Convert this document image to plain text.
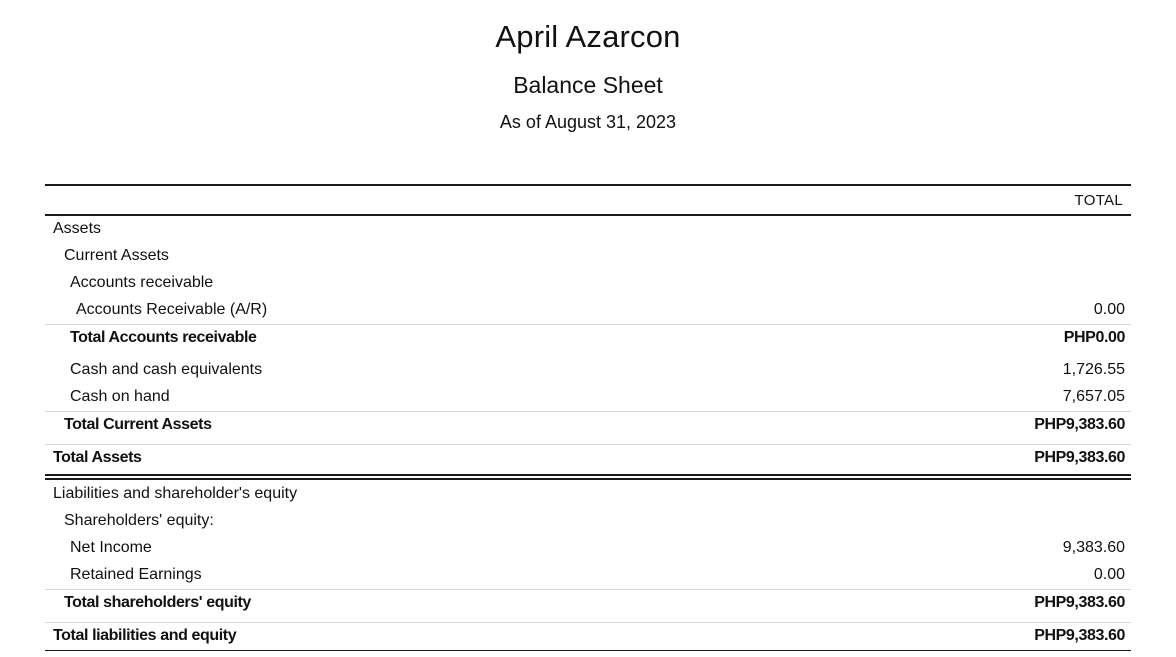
April Azarcon
Balance Sheet
As of August 31, 2023
TOTAL
Assets
Current Assets
Accounts receivable
Accounts Receivable (A/R)	0.00
Total Accounts receivable	PHP0.00
Cash and cash equivalents	1,726.55
Cash on hand	7,657.05
Total Current Assets	PHP9,383.60
Total Assets	PHP9,383.60
Liabilities and shareholder's equity
Shareholders' equity:
Net Income	9,383.60
Retained Earnings	0.00
Total shareholders' equity	PHP9,383.60
Total liabilities and equity	PHP9,383.60
